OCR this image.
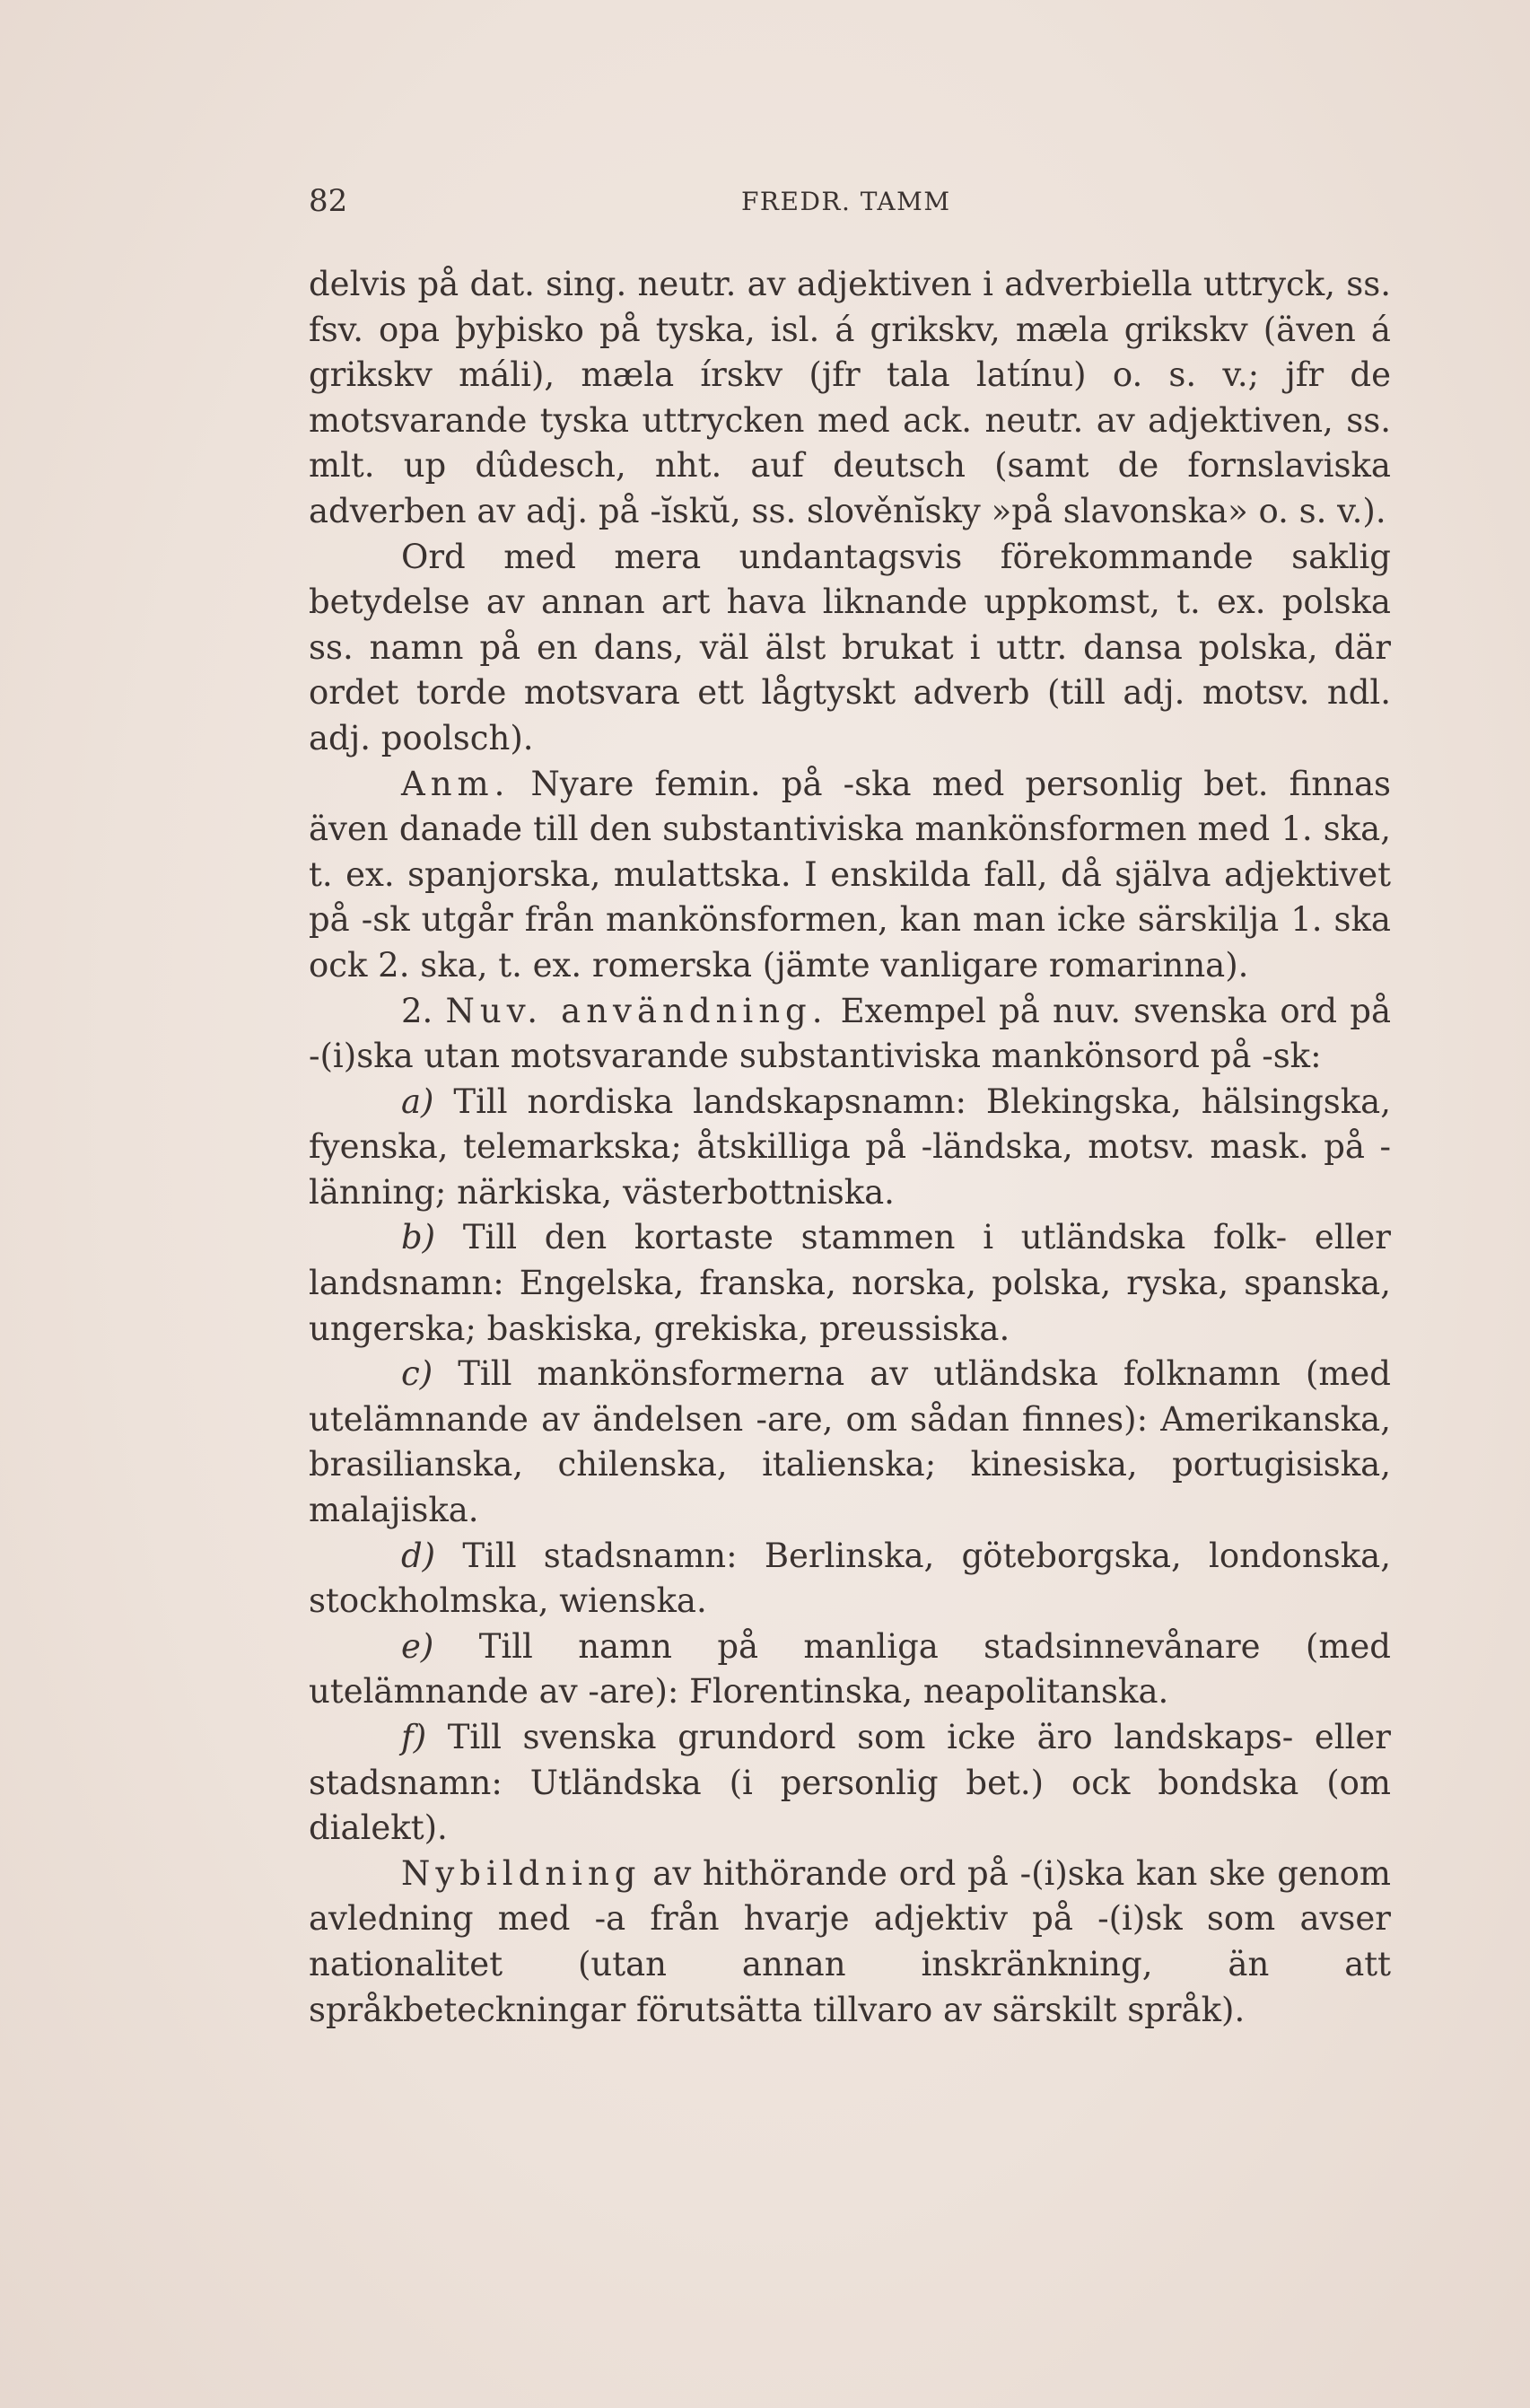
82	FREDR. TAMM

delvis på dat. sing. neutr. av adjektiven i adverbiella uttryck, ss. fsv. opa þyþisko på tyska, isl. á grikskv, mæla grikskv (även á grikskv máli), mæla írskv (jfr tala latínu) o. s. v.; jfr de motsvarande tyska uttrycken med ack. neutr. av adjektiven, ss. mlt. up dûdesch, nht. auf deutsch (samt de fornslaviska adverben av adj. på -ĭskŭ, ss. slověnĭsky »på slavonska» o. s. v.).

Ord med mera undantagsvis förekommande saklig betydelse av annan art hava liknande uppkomst, t. ex. polska ss. namn på en dans, väl älst brukat i uttr. dansa polska, där ordet torde motsvara ett lågtyskt adverb (till adj. motsv. ndl. adj. poolsch).

Anm. Nyare femin. på -ska med personlig bet. finnas även danade till den substantiviska mankönsformen med 1. ska, t. ex. spanjorska, mulattska. I enskilda fall, då själva adjektivet på -sk utgår från mankönsformen, kan man icke särskilja 1. ska ock 2. ska, t. ex. romerska (jämte vanligare romarinna).

2. Nuv. användning. Exempel på nuv. svenska ord på -(i)ska utan motsvarande substantiviska mankönsord på -sk:

a) Till nordiska landskapsnamn: Blekingska, hälsingska, fyenska, telemarkska; åtskilliga på -ländska, motsv. mask. på -länning; närkiska, västerbottniska.

b) Till den kortaste stammen i utländska folk- eller landsnamn: Engelska, franska, norska, polska, ryska, spanska, ungerska; baskiska, grekiska, preussiska.

c) Till mankönsformerna av utländska folknamn (med utelämnande av ändelsen -are, om sådan finnes): Amerikanska, brasilianska, chilenska, italienska; kinesiska, portugisiska, malajiska.

d) Till stadsnamn: Berlinska, göteborgska, londonska, stockholmska, wienska.

e) Till namn på manliga stadsinnevånare (med utelämnande av -are): Florentinska, neapolitanska.

f) Till svenska grundord som icke äro landskaps- eller stadsnamn: Utländska (i personlig bet.) ock bondska (om dialekt).

Nybildning av hithörande ord på -(i)ska kan ske genom avledning med -a från hvarje adjektiv på -(i)sk som avser nationalitet (utan annan inskränkning, än att språkbeteckningar förutsätta tillvaro av särskilt språk).
